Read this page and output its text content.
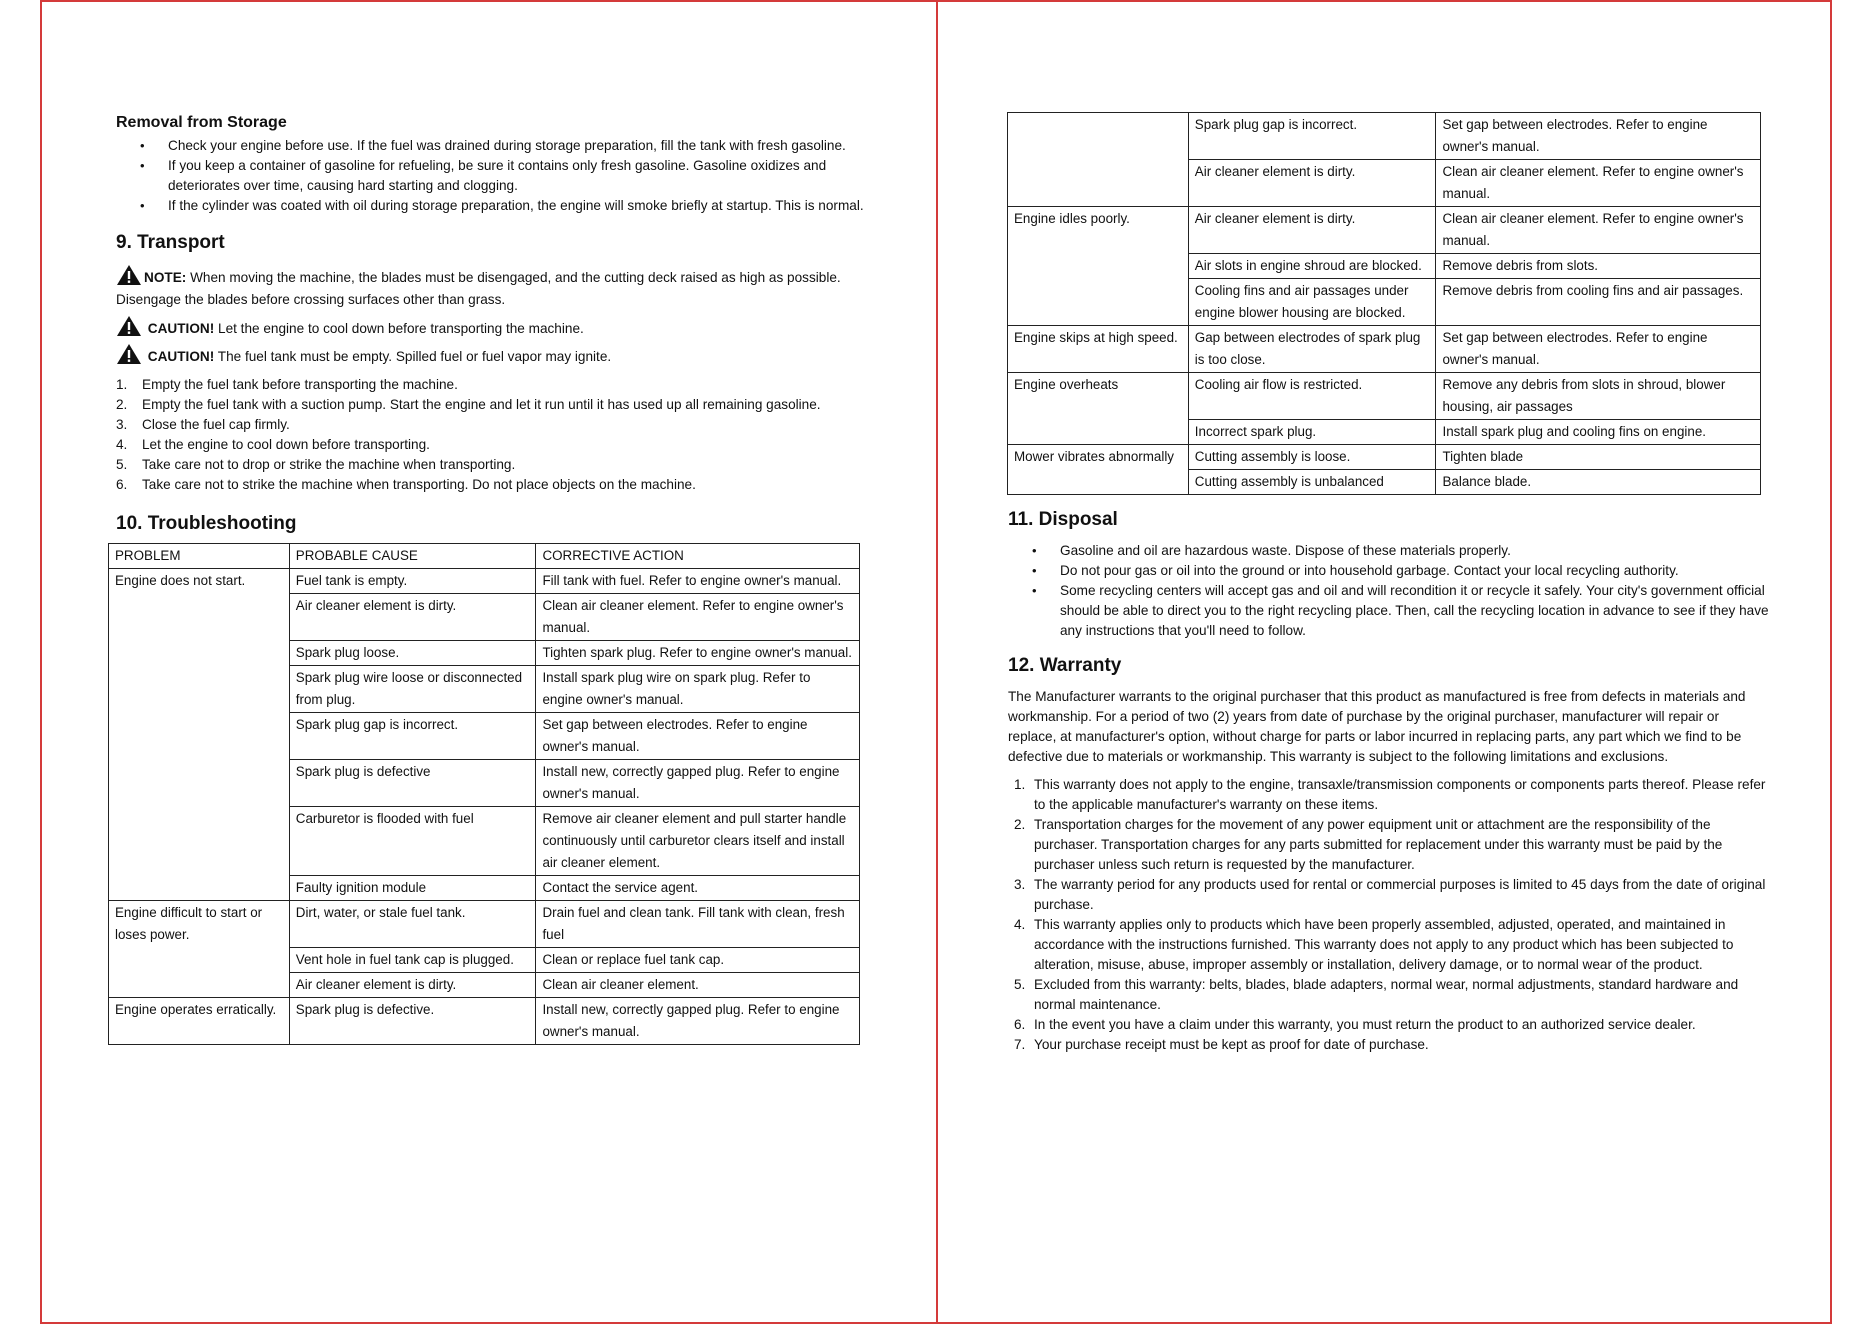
Removal from Storage
• Check your engine before use. If the fuel was drained during storage preparation, fill the tank with fresh gasoline.
• If you keep a container of gasoline for refueling, be sure it contains only fresh gasoline. Gasoline oxidizes and deteriorates over time, causing hard starting and clogging.
• If the cylinder was coated with oil during storage preparation, the engine will smoke briefly at startup. This is normal.
9. Transport

NOTE: When moving the machine, the blades must be disengaged, and the cutting deck raised as high as possible. Disengage the blades before crossing surfaces other than grass.

CAUTION! Let the engine to cool down before transporting the machine.

CAUTION! The fuel tank must be empty. Spilled fuel or fuel vapor may ignite.

1. Empty the fuel tank before transporting the machine.
2. Empty the fuel tank with a suction pump. Start the engine and let it run until it has used up all remaining gasoline.
3. Close the fuel cap firmly.
4. Let the engine to cool down before transporting.
5. Take care not to drop or strike the machine when transporting.
6. Take care not to strike the machine when transporting. Do not place objects on the machine.
10. Troubleshooting
PROBLEM	PROBABLE CAUSE	CORRECTIVE ACTION
Engine does not start.	Fuel tank is empty.	Fill tank with fuel. Refer to engine owner's manual.
	Air cleaner element is dirty.	Clean air cleaner element. Refer to engine owner's manual.
	Spark plug loose.	Tighten spark plug. Refer to engine owner's manual.
	Spark plug wire loose or disconnected from plug.	Install spark plug wire on spark plug. Refer to engine owner's manual.
	Spark plug gap is incorrect.	Set gap between electrodes. Refer to engine owner's manual.
	Spark plug is defective	Install new, correctly gapped plug. Refer to engine owner's manual.
	Carburetor is flooded with fuel	Remove air cleaner element and pull starter handle continuously until carburetor clears itself and install air cleaner element.
	Faulty ignition module	Contact the service agent.
Engine difficult to start or loses power.	Dirt, water, or stale fuel tank.	Drain fuel and clean tank. Fill tank with clean, fresh fuel
	Vent hole in fuel tank cap is plugged.	Clean or replace fuel tank cap.
	Air cleaner element is dirty.	Clean air cleaner element.
Engine operates erratically.	Spark plug is defective.	Install new, correctly gapped plug. Refer to engine owner's manual.
	Spark plug gap is incorrect.	Set gap between electrodes. Refer to engine owner's manual.
	Air cleaner element is dirty.	Clean air cleaner element. Refer to engine owner's manual.
Engine idles poorly.	Air cleaner element is dirty.	Clean air cleaner element. Refer to engine owner's manual.
	Air slots in engine shroud are blocked.	Remove debris from slots.
	Cooling fins and air passages under engine blower housing are blocked.	Remove debris from cooling fins and air passages.
Engine skips at high speed.	Gap between electrodes of spark plug is too close.	Set gap between electrodes. Refer to engine owner's manual.
Engine overheats	Cooling air flow is restricted.	Remove any debris from slots in shroud, blower housing, air passages
	Incorrect spark plug.	Install spark plug and cooling fins on engine.
Mower vibrates abnormally	Cutting assembly is loose.	Tighten blade
	Cutting assembly is unbalanced	Balance blade.
11. Disposal
• Gasoline and oil are hazardous waste. Dispose of these materials properly.
• Do not pour gas or oil into the ground or into household garbage. Contact your local recycling authority.
• Some recycling centers will accept gas and oil and will recondition it or recycle it safely. Your city's government official should be able to direct you to the right recycling place. Then, call the recycling location in advance to see if they have any instructions that you'll need to follow.
12. Warranty

The Manufacturer warrants to the original purchaser that this product as manufactured is free from defects in materials and workmanship. For a period of two (2) years from date of purchase by the original purchaser, manufacturer will repair or replace, at manufacturer's option, without charge for parts or labor incurred in replacing parts, any part which we find to be defective due to materials or workmanship. This warranty is subject to the following limitations and exclusions.

1. This warranty does not apply to the engine, transaxle/transmission components or components parts thereof. Please refer to the applicable manufacturer's warranty on these items.
2. Transportation charges for the movement of any power equipment unit or attachment are the responsibility of the purchaser. Transportation charges for any parts submitted for replacement under this warranty must be paid by the purchaser unless such return is requested by the manufacturer.
3. The warranty period for any products used for rental or commercial purposes is limited to 45 days from the date of original purchase.
4. This warranty applies only to products which have been properly assembled, adjusted, operated, and maintained in accordance with the instructions furnished. This warranty does not apply to any product which has been subjected to alteration, misuse, abuse, improper assembly or installation, delivery damage, or to normal wear of the product.
5. Excluded from this warranty: belts, blades, blade adapters, normal wear, normal adjustments, standard hardware and normal maintenance.
6. In the event you have a claim under this warranty, you must return the product to an authorized service dealer.
7. Your purchase receipt must be kept as proof for date of purchase.
